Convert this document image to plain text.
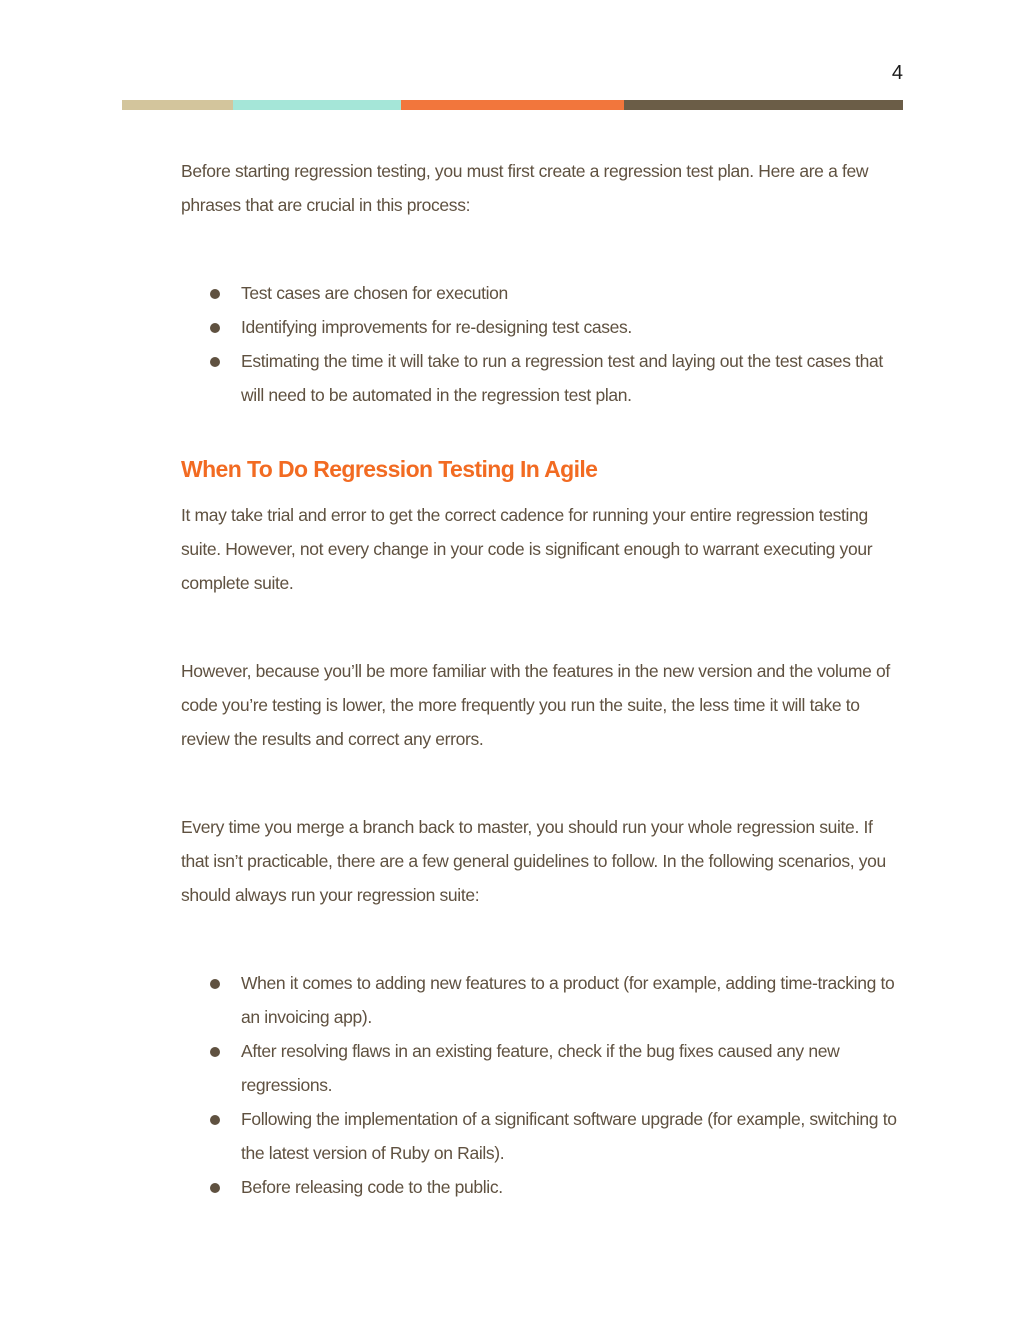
4

Before starting regression testing, you must first create a regression test plan. Here are a few phrases that are crucial in this process:

Test cases are chosen for execution
Identifying improvements for re-designing test cases.
Estimating the time it will take to run a regression test and laying out the test cases that will need to be automated in the regression test plan.
When To Do Regression Testing In Agile

It may take trial and error to get the correct cadence for running your entire regression testing suite. However, not every change in your code is significant enough to warrant executing your complete suite.

However, because you’ll be more familiar with the features in the new version and the volume of code you’re testing is lower, the more frequently you run the suite, the less time it will take to review the results and correct any errors.

Every time you merge a branch back to master, you should run your whole regression suite. If that isn’t practicable, there are a few general guidelines to follow. In the following scenarios, you should always run your regression suite:

When it comes to adding new features to a product (for example, adding time-tracking to an invoicing app).
After resolving flaws in an existing feature, check if the bug fixes caused any new regressions.
Following the implementation of a significant software upgrade (for example, switching to the latest version of Ruby on Rails).
Before releasing code to the public.
